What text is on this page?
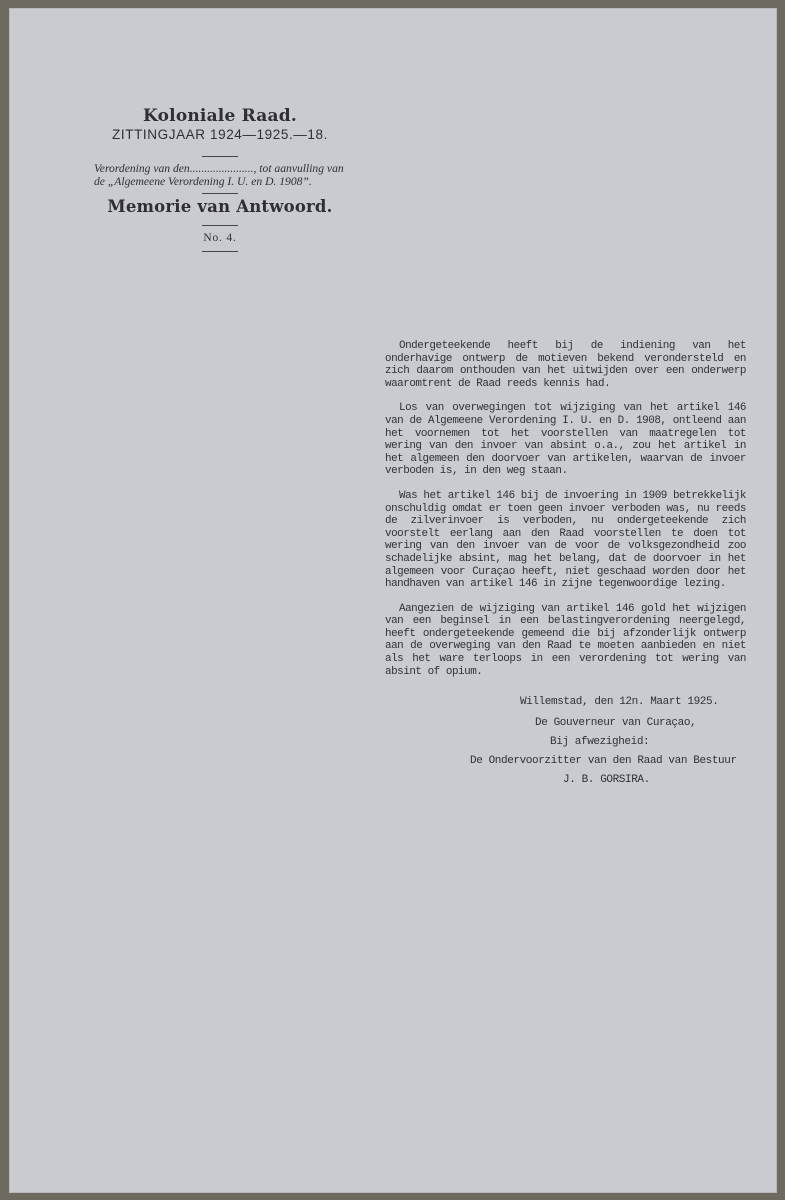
Koloniale Raad.
ZITTINGJAAR 1924—1925.—18.
Verordening van den......................, tot aanvulling van de „Algemeene Verordening I. U. en D. 1908”.
Memorie van Antwoord.
No. 4.

Ondergeteekende heeft bij de indiening van het onderhavige ontwerp de motieven bekend verondersteld en zich daarom onthouden van het uitwijden over een onderwerp waaromtrent de Raad reeds kennis had.

Los van overwegingen tot wijziging van het artikel 146 van de Algemeene Verordening I. U. en D. 1908, ontleend aan het voornemen tot het voorstellen van maatregelen tot wering van den invoer van absint o.a., zou het artikel in het algemeen den doorvoer van artikelen, waarvan de invoer verboden is, in den weg staan.

Was het artikel 146 bij de invoering in 1909 betrekkelijk onschuldig omdat er toen geen invoer verboden was, nu reeds de zilverinvoer is verboden, nu ondergeteekende zich voorstelt eerlang aan den Raad voorstellen te doen tot wering van den invoer van de voor de volksgezondheid zoo schadelijke absint, mag het belang, dat de doorvoer in het algemeen voor Curaçao heeft, niet geschaad worden door het handhaven van artikel 146 in zijne tegenwoordige lezing.

Aangezien de wijziging van artikel 146 gold het wijzigen van een beginsel in een belastingverordening neergelegd, heeft ondergeteekende gemeend die bij afzonderlijk ontwerp aan de overweging van den Raad te moeten aanbieden en niet als het ware terloops in een verordening tot wering van absint of opium.

Willemstad, den 12n. Maart 1925.
De Gouverneur van Curaçao,
Bij afwezigheid:
De Ondervoorzitter van den Raad van Bestuur
J. B. GORSIRA.
